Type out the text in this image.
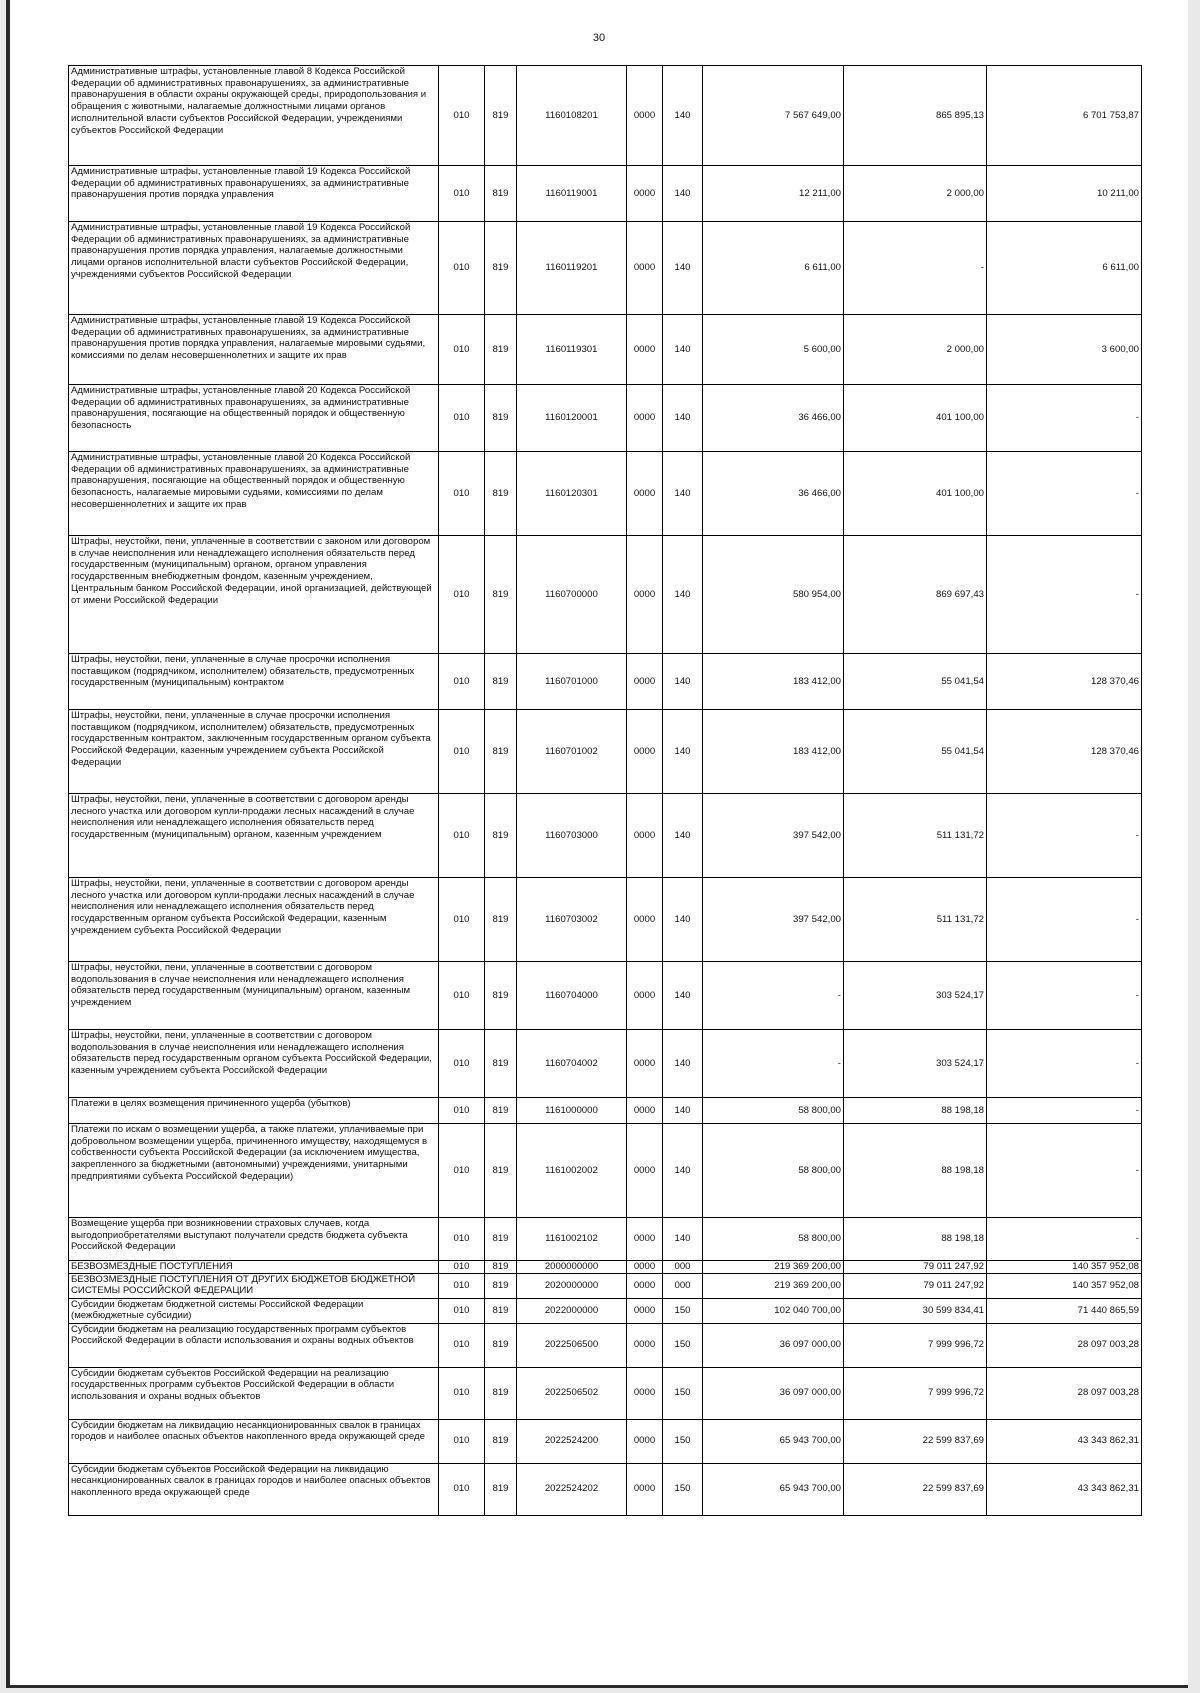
30
Административные штрафы, установленные главой 8 Кодекса Российской Федерации об административных правонарушениях, за административные правонарушения в области охраны окружающей среды, природопользования и обращения с животными, налагаемые должностными лицами органов исполнительной власти субъектов Российской Федерации, учреждениями субъектов Российской Федерации	010	819	1160108201	0000	140	7 567 649,00	865 895,13	6 701 753,87
Административные штрафы, установленные главой 19 Кодекса Российской Федерации об административных правонарушениях, за административные правонарушения против порядка управления	010	819	1160119001	0000	140	12 211,00	2 000,00	10 211,00
Административные штрафы, установленные главой 19 Кодекса Российской Федерации об административных правонарушениях, за административные правонарушения против порядка управления, налагаемые должностными лицами органов исполнительной власти субъектов Российской Федерации, учреждениями субъектов Российской Федерации	010	819	1160119201	0000	140	6 611,00	-	6 611,00
Административные штрафы, установленные главой 19 Кодекса Российской Федерации об административных правонарушениях, за административные правонарушения против порядка управления, налагаемые мировыми судьями, комиссиями по делам несовершеннолетних и защите их прав	010	819	1160119301	0000	140	5 600,00	2 000,00	3 600,00
Административные штрафы, установленные главой 20 Кодекса Российской Федерации об административных правонарушениях, за административные правонарушения, посягающие на общественный порядок и общественную безопасность	010	819	1160120001	0000	140	36 466,00	401 100,00	-
Административные штрафы, установленные главой 20 Кодекса Российской Федерации об административных правонарушениях, за административные правонарушения, посягающие на общественный порядок и общественную безопасность, налагаемые мировыми судьями, комиссиями по делам несовершеннолетних и защите их прав	010	819	1160120301	0000	140	36 466,00	401 100,00	-
Штрафы, неустойки, пени, уплаченные в соответствии с законом или договором в случае неисполнения или ненадлежащего исполнения обязательств перед государственным (муниципальным) органом, органом управления государственным внебюджетным фондом, казенным учреждением, Центральным банком Российской Федерации, иной организацией, действующей от имени Российской Федерации	010	819	1160700000	0000	140	580 954,00	869 697,43	-
Штрафы, неустойки, пени, уплаченные в случае просрочки исполнения поставщиком (подрядчиком, исполнителем) обязательств, предусмотренных государственным (муниципальным) контрактом	010	819	1160701000	0000	140	183 412,00	55 041,54	128 370,46
Штрафы, неустойки, пени, уплаченные в случае просрочки исполнения поставщиком (подрядчиком, исполнителем) обязательств, предусмотренных государственным контрактом, заключенным государственным органом субъекта Российской Федерации, казенным учреждением субъекта Российской Федерации	010	819	1160701002	0000	140	183 412,00	55 041,54	128 370,46
Штрафы, неустойки, пени, уплаченные в соответствии с договором аренды лесного участка или договором купли-продажи лесных насаждений в случае неисполнения или ненадлежащего исполнения обязательств перед государственным (муниципальным) органом, казенным учреждением	010	819	1160703000	0000	140	397 542,00	511 131,72	-
Штрафы, неустойки, пени, уплаченные в соответствии с договором аренды лесного участка или договором купли-продажи лесных насаждений в случае неисполнения или ненадлежащего исполнения обязательств перед государственным органом субъекта Российской Федерации, казенным учреждением субъекта Российской Федерации	010	819	1160703002	0000	140	397 542,00	511 131,72	-
Штрафы, неустойки, пени, уплаченные в соответствии с договором водопользования в случае неисполнения или ненадлежащего исполнения обязательств перед государственным (муниципальным) органом, казенным учреждением	010	819	1160704000	0000	140	-	303 524,17	-
Штрафы, неустойки, пени, уплаченные в соответствии с договором водопользования в случае неисполнения или ненадлежащего исполнения обязательств перед государственным органом субъекта Российской Федерации, казенным учреждением субъекта Российской Федерации	010	819	1160704002	0000	140	-	303 524,17	-
Платежи в целях возмещения причиненного ущерба (убытков)	010	819	1161000000	0000	140	58 800,00	88 198,18	-
Платежи по искам о возмещении ущерба, а также платежи, уплачиваемые при добровольном возмещении ущерба, причиненного имуществу, находящемуся в собственности субъекта Российской Федерации (за исключением имущества, закрепленного за бюджетными (автономными) учреждениями, унитарными предприятиями субъекта Российской Федерации)	010	819	1161002002	0000	140	58 800,00	88 198,18	-
Возмещение ущерба при возникновении страховых случаев, когда выгодоприобретателями выступают получатели средств бюджета субъекта Российской Федерации	010	819	1161002102	0000	140	58 800,00	88 198,18	-
БЕЗВОЗМЕЗДНЫЕ ПОСТУПЛЕНИЯ	010	819	2000000000	0000	000	219 369 200,00	79 011 247,92	140 357 952,08
БЕЗВОЗМЕЗДНЫЕ ПОСТУПЛЕНИЯ ОТ ДРУГИХ БЮДЖЕТОВ БЮДЖЕТНОЙ СИСТЕМЫ РОССИЙСКОЙ ФЕДЕРАЦИИ	010	819	2020000000	0000	000	219 369 200,00	79 011 247,92	140 357 952,08
Субсидии бюджетам бюджетной системы Российской Федерации (межбюджетные субсидии)	010	819	2022000000	0000	150	102 040 700,00	30 599 834,41	71 440 865,59
Субсидии бюджетам на реализацию государственных программ субъектов Российской Федерации в области использования и охраны водных объектов	010	819	2022506500	0000	150	36 097 000,00	7 999 996,72	28 097 003,28
Субсидии бюджетам субъектов Российской Федерации на реализацию государственных программ субъектов Российской Федерации в области использования и охраны водных объектов	010	819	2022506502	0000	150	36 097 000,00	7 999 996,72	28 097 003,28
Субсидии бюджетам на ликвидацию несанкционированных свалок в границах городов и наиболее опасных объектов накопленного вреда окружающей среде	010	819	2022524200	0000	150	65 943 700,00	22 599 837,69	43 343 862,31
Субсидии бюджетам субъектов Российской Федерации на ликвидацию несанкционированных свалок в границах городов и наиболее опасных объектов накопленного вреда окружающей среде	010	819	2022524202	0000	150	65 943 700,00	22 599 837,69	43 343 862,31
